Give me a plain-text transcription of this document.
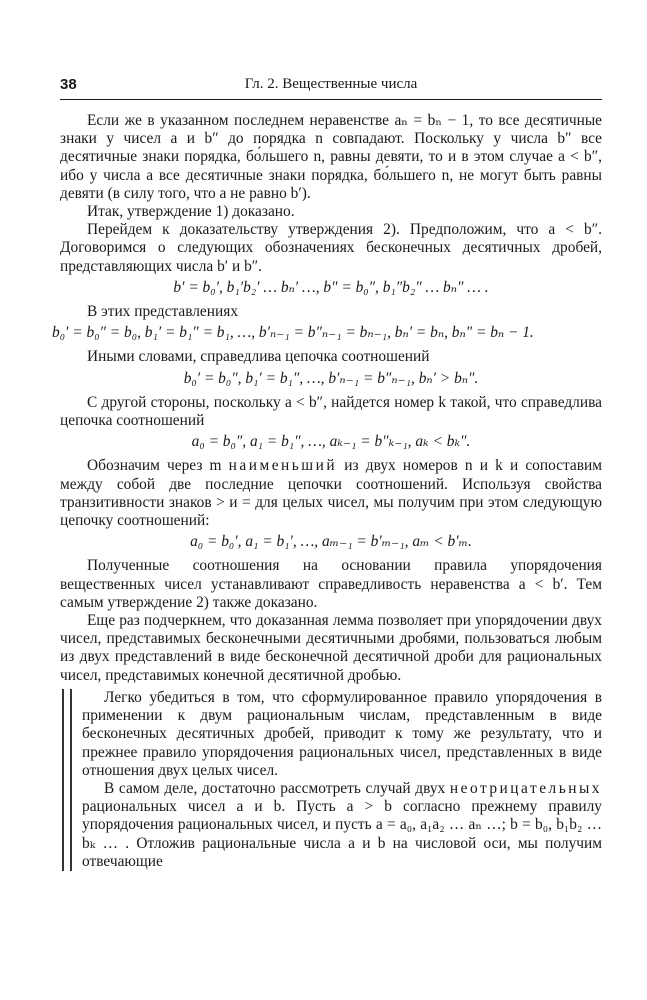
38	Гл. 2. Вещественные числа

Если же в указанном последнем неравенстве aₙ = bₙ − 1, то все десятичные знаки у чисел a и b″ до порядка n совпадают. Поскольку у числа b″ все десятичные знаки порядка, бо́льшего n, равны девяти, то и в этом случае a < b″, ибо у числа a все десятичные знаки порядка, бо́льшего n, не могут быть равны девяти (в силу того, что a не равно b′).

Итак, утверждение 1) доказано.

Перейдем к доказательству утверждения 2). Предположим, что a < b″. Договоримся о следующих обозначениях бесконечных десятичных дробей, представляющих числа b′ и b″.

b′ = b₀′, b₁′b₂′ … bₙ′ …, b″ = b₀″, b₁″b₂″ … bₙ″ … .

В этих представлениях

b₀′ = b₀″ = b₀, b₁′ = b₁″ = b₁, …, b′ₙ₋₁ = b″ₙ₋₁ = bₙ₋₁, bₙ′ = bₙ, bₙ″ = bₙ − 1.

Иными словами, справедлива цепочка соотношений

b₀′ = b₀″, b₁′ = b₁″, …, b′ₙ₋₁ = b″ₙ₋₁, bₙ′ > bₙ″.

С другой стороны, поскольку a < b″, найдется номер k такой, что справедлива цепочка соотношений

a₀ = b₀″, a₁ = b₁″, …, aₖ₋₁ = b″ₖ₋₁, aₖ < bₖ″.

Обозначим через m наименьший из двух номеров n и k и сопоставим между собой две последние цепочки соотношений. Используя свойства транзитивности знаков > и = для целых чисел, мы получим при этом следующую цепочку соотношений:

a₀ = b₀′, a₁ = b₁′, …, aₘ₋₁ = b′ₘ₋₁, aₘ < b′ₘ.

Полученные соотношения на основании правила упорядочения вещественных чисел устанавливают справедливость неравенства a < b′. Тем самым утверждение 2) также доказано.

Еще раз подчеркнем, что доказанная лемма позволяет при упорядочении двух чисел, представимых бесконечными десятичными дробями, пользоваться любым из двух представлений в виде бесконечной десятичной дроби для рациональных чисел, представимых конечной десятичной дробью.

Легко убедиться в том, что сформулированное правило упорядочения в применении к двум рациональным числам, представленным в виде бесконечных десятичных дробей, приводит к тому же результату, что и прежнее правило упорядочения рациональных чисел, представленных в виде отношения двух целых чисел.

В самом деле, достаточно рассмотреть случай двух неотрицательных рациональных чисел a и b. Пусть a > b согласно прежнему правилу упорядочения рациональных чисел, и пусть a = a₀, a₁a₂ … aₙ …; b = b₀, b₁b₂ … bₖ … . Отложив рациональные числа a и b на числовой оси, мы получим отвечающие
